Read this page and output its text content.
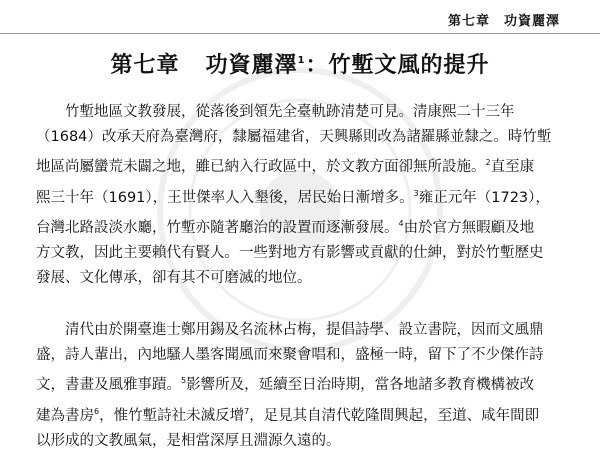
第七章 功資麗澤
第七章 功資麗澤$^1$：竹塹文風的提升
竹塹地區文教發展，從落後到領先全臺軌跡清楚可見。清康熙二十三年
（1684）改承天府為臺灣府，隸屬福建省，天興縣則改為諸羅縣並隸之。時竹塹
地區尚屬蠻荒未闢之地，雖已納入行政區中，於文教方面卻無所設施。$^2$直至康
熙三十年（1691），王世傑率人入墾後，居民始日漸增多。$^3$雍正元年（1723），
台灣北路設淡水廳，竹塹亦隨著廳治的設置而逐漸發展。$^4$由於官方無暇顧及地
方文教，因此主要賴代有賢人。一些對地方有影響或貢獻的仕紳，對於竹塹歷史
發展、文化傳承，卻有其不可磨滅的地位。
清代由於開臺進士鄭用錫及名流林占梅，提倡詩學、設立書院，因而文風鼎
盛，詩人輩出，內地騷人墨客聞風而來聚會唱和，盛極一時，留下了不少傑作詩
文，書畫及風雅事蹟。$^5$影響所及，延續至日治時期，當各地諸多教育機構被改
建為書房$^6$，惟竹塹詩社未滅反增$^7$，足見其自清代乾隆間興起，至道、咸年間即
以形成的文教風氣，是相當深厚且淵源久遠的。
